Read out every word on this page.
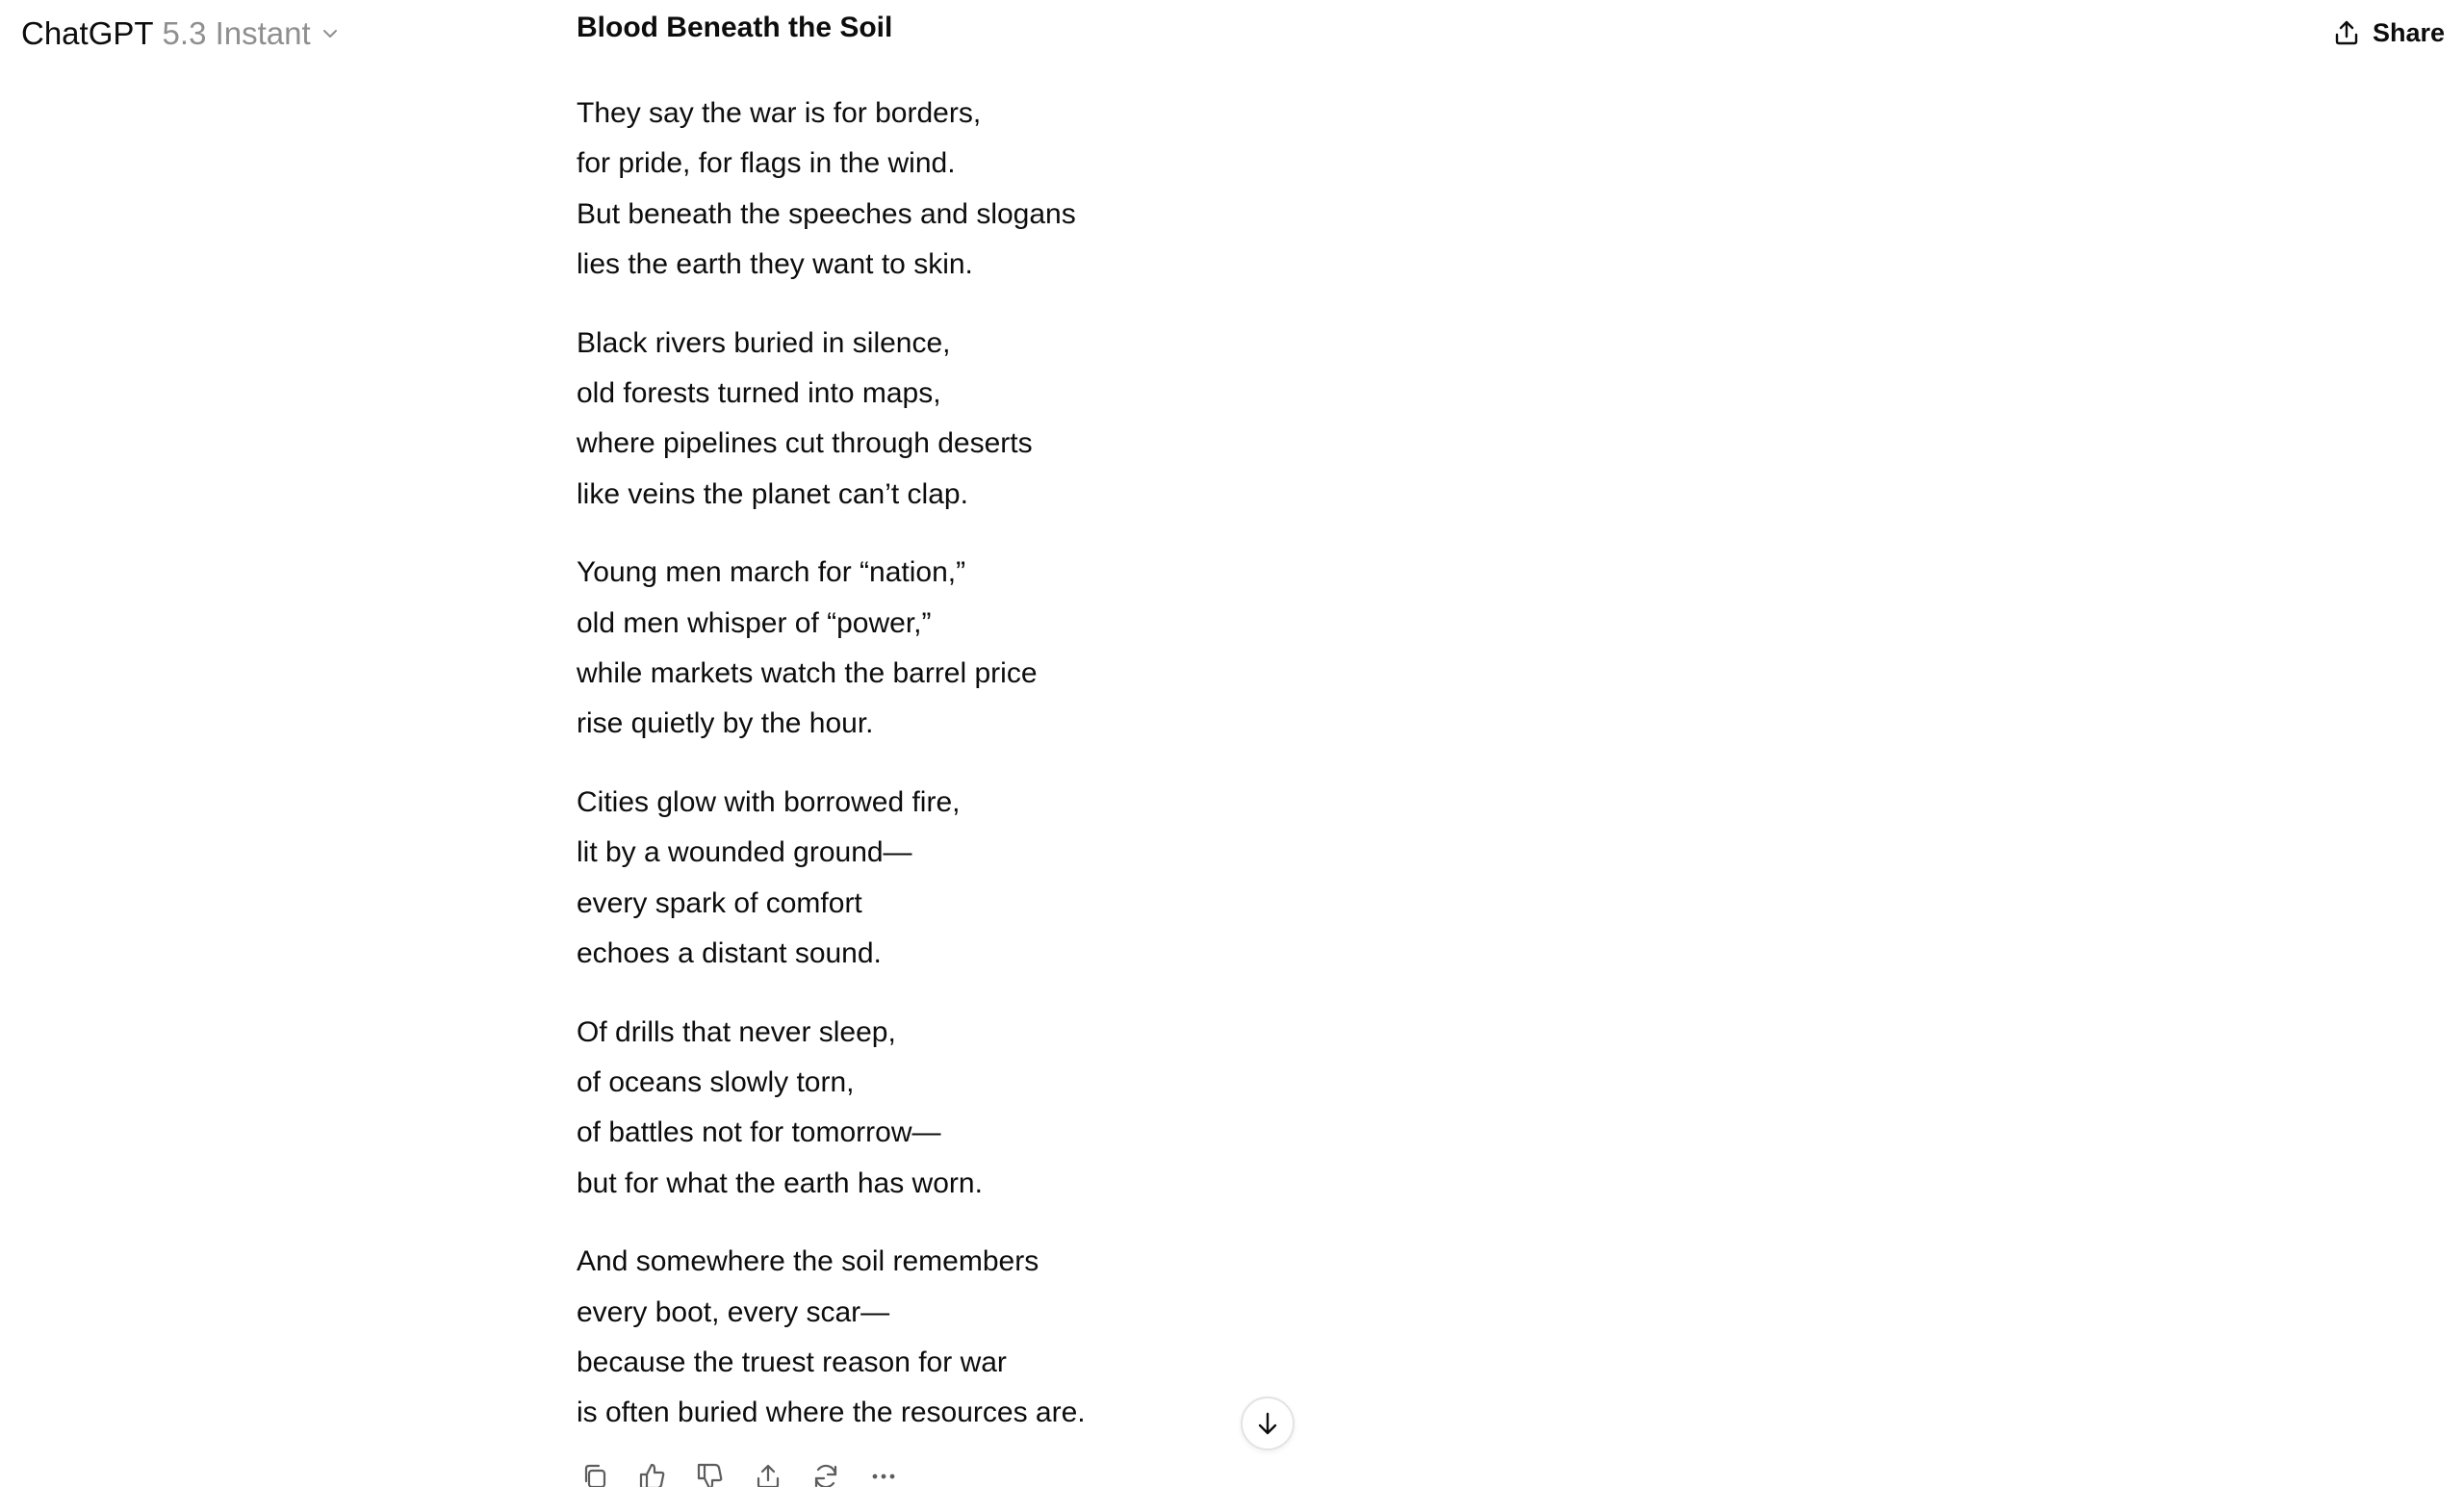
ChatGPT 5.3 Instant	Share
Blood Beneath the Soil

They say the war is for borders,
for pride, for flags in the wind.
But beneath the speeches and slogans
lies the earth they want to skin.

Black rivers buried in silence,
old forests turned into maps,
where pipelines cut through deserts
like veins the planet can’t clap.

Young men march for “nation,”
old men whisper of “power,”
while markets watch the barrel price
rise quietly by the hour.

Cities glow with borrowed fire,
lit by a wounded ground—
every spark of comfort
echoes a distant sound.

Of drills that never sleep,
of oceans slowly torn,
of battles not for tomorrow—
but for what the earth has worn.

And somewhere the soil remembers
every boot, every scar—
because the truest reason for war
is often buried where the resources are.
